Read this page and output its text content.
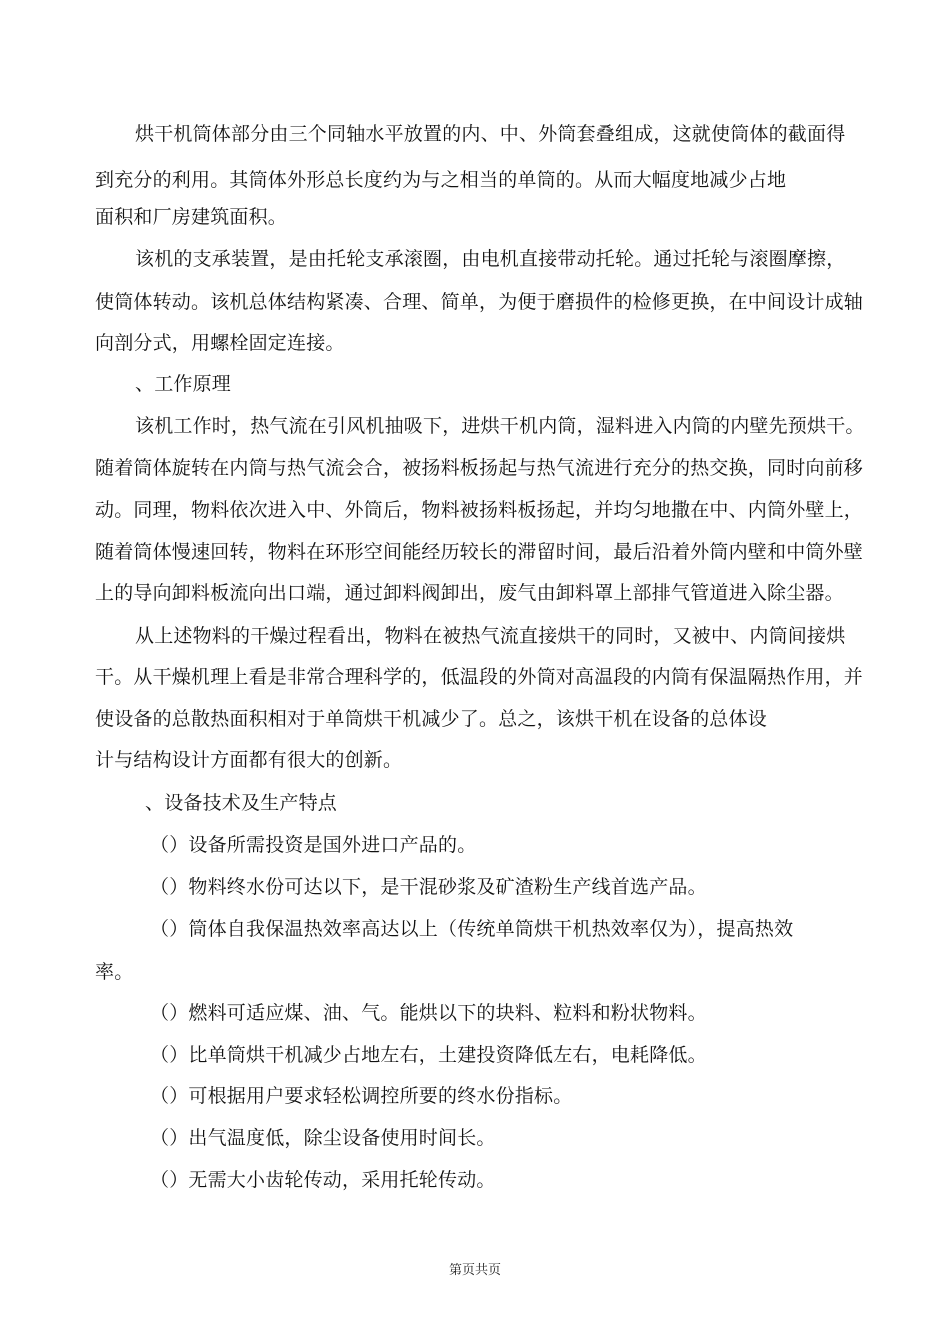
烘干机筒体部分由三个同轴水平放置的内、中、外筒套叠组成，这就使筒体的截面得
到充分的利用。其筒体外形总长度约为与之相当的单筒的。从而大幅度地减少占地
面积和厂房建筑面积。
该机的支承装置，是由托轮支承滚圈，由电机直接带动托轮。通过托轮与滚圈摩擦，
使筒体转动。该机总体结构紧凑、合理、简单，为便于磨损件的检修更换，在中间设计成轴
向剖分式，用螺栓固定连接。
、工作原理
该机工作时，热气流在引风机抽吸下，进烘干机内筒，湿料进入内筒的内壁先预烘干。
随着筒体旋转在内筒与热气流会合，被扬料板扬起与热气流进行充分的热交换，同时向前移
动。同理，物料依次进入中、外筒后，物料被扬料板扬起，并均匀地撒在中、内筒外壁上，
随着筒体慢速回转，物料在环形空间能经历较长的滞留时间，最后沿着外筒内壁和中筒外壁
上的导向卸料板流向出口端，通过卸料阀卸出，废气由卸料罩上部排气管道进入除尘器。
从上述物料的干燥过程看出，物料在被热气流直接烘干的同时，又被中、内筒间接烘
干。从干燥机理上看是非常合理科学的，低温段的外筒对高温段的内筒有保温隔热作用，并
使设备的总散热面积相对于单筒烘干机减少了。总之，该烘干机在设备的总体设
计与结构设计方面都有很大的创新。
、设备技术及生产特点
（）设备所需投资是国外进口产品的。
（）物料终水份可达以下，是干混砂浆及矿渣粉生产线首选产品。
（）筒体自我保温热效率高达以上（传统单筒烘干机热效率仅为），提高热效
率。
（）燃料可适应煤、油、气。能烘以下的块料、粒料和粉状物料。
（）比单筒烘干机减少占地左右，土建投资降低左右，电耗降低。
（）可根据用户要求轻松调控所要的终水份指标。
（）出气温度低，除尘设备使用时间长。
（）无需大小齿轮传动，采用托轮传动。
第页共页
